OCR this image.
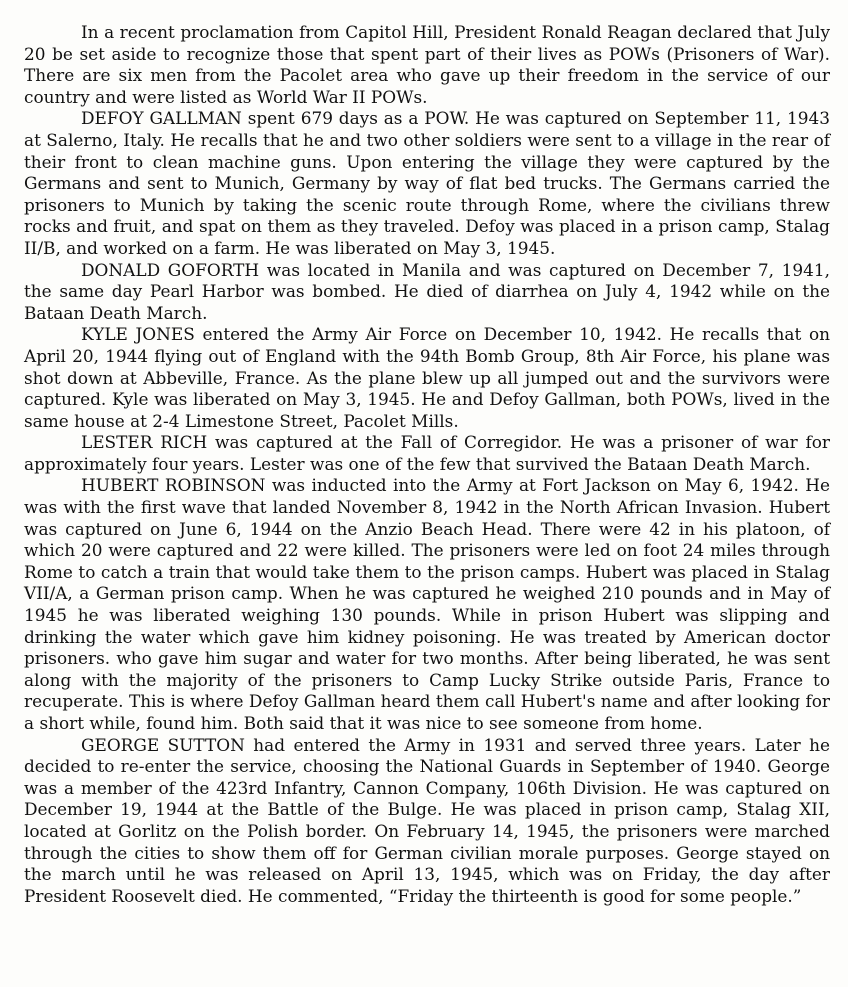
In a recent proclamation from Capitol Hill, President Ronald Reagan declared that July 20 be set aside to recognize those that spent part of their lives as POWs (Prisoners of War). There are six men from the Pacolet area who gave up their freedom in the service of our country and were listed as World War II POWs.

DEFOY GALLMAN spent 679 days as a POW. He was captured on September 11, 1943 at Salerno, Italy. He recalls that he and two other soldiers were sent to a village in the rear of their front to clean machine guns. Upon entering the village they were captured by the Germans and sent to Munich, Germany by way of flat bed trucks. The Germans carried the prisoners to Munich by taking the scenic route through Rome, where the civilians threw rocks and fruit, and spat on them as they traveled. Defoy was placed in a prison camp, Stalag II/B, and worked on a farm. He was liberated on May 3, 1945.

DONALD GOFORTH was located in Manila and was captured on December 7, 1941, the same day Pearl Harbor was bombed. He died of diarrhea on July 4, 1942 while on the Bataan Death March.

KYLE JONES entered the Army Air Force on December 10, 1942. He recalls that on April 20, 1944 flying out of England with the 94th Bomb Group, 8th Air Force, his plane was shot down at Abbeville, France. As the plane blew up all jumped out and the survivors were captured. Kyle was liberated on May 3, 1945. He and Defoy Gallman, both POWs, lived in the same house at 2-4 Limestone Street, Pacolet Mills.

LESTER RICH was captured at the Fall of Corregidor. He was a prisoner of war for approximately four years. Lester was one of the few that survived the Bataan Death March.

HUBERT ROBINSON was inducted into the Army at Fort Jackson on May 6, 1942. He was with the first wave that landed November 8, 1942 in the North African Invasion. Hubert was captured on June 6, 1944 on the Anzio Beach Head. There were 42 in his platoon, of which 20 were captured and 22 were killed. The prisoners were led on foot 24 miles through Rome to catch a train that would take them to the prison camps. Hubert was placed in Stalag VII/A, a German prison camp. When he was captured he weighed 210 pounds and in May of 1945 he was liberated weighing 130 pounds. While in prison Hubert was slipping and drinking the water which gave him kidney poisoning. He was treated by American doctor prisoners. who gave him sugar and water for two months. After being liberated, he was sent along with the majority of the prisoners to Camp Lucky Strike outside Paris, France to recuperate. This is where Defoy Gallman heard them call Hubert's name and after looking for a short while, found him. Both said that it was nice to see someone from home.

GEORGE SUTTON had entered the Army in 1931 and served three years. Later he decided to re-enter the service, choosing the National Guards in September of 1940. George was a member of the 423rd Infantry, Cannon Company, 106th Division. He was captured on December 19, 1944 at the Battle of the Bulge. He was placed in prison camp, Stalag XII, located at Gorlitz on the Polish border. On February 14, 1945, the prisoners were marched through the cities to show them off for German civilian morale purposes. George stayed on the march until he was released on April 13, 1945, which was on Friday, the day after President Roosevelt died. He commented, “Friday the thirteenth is good for some people.”
